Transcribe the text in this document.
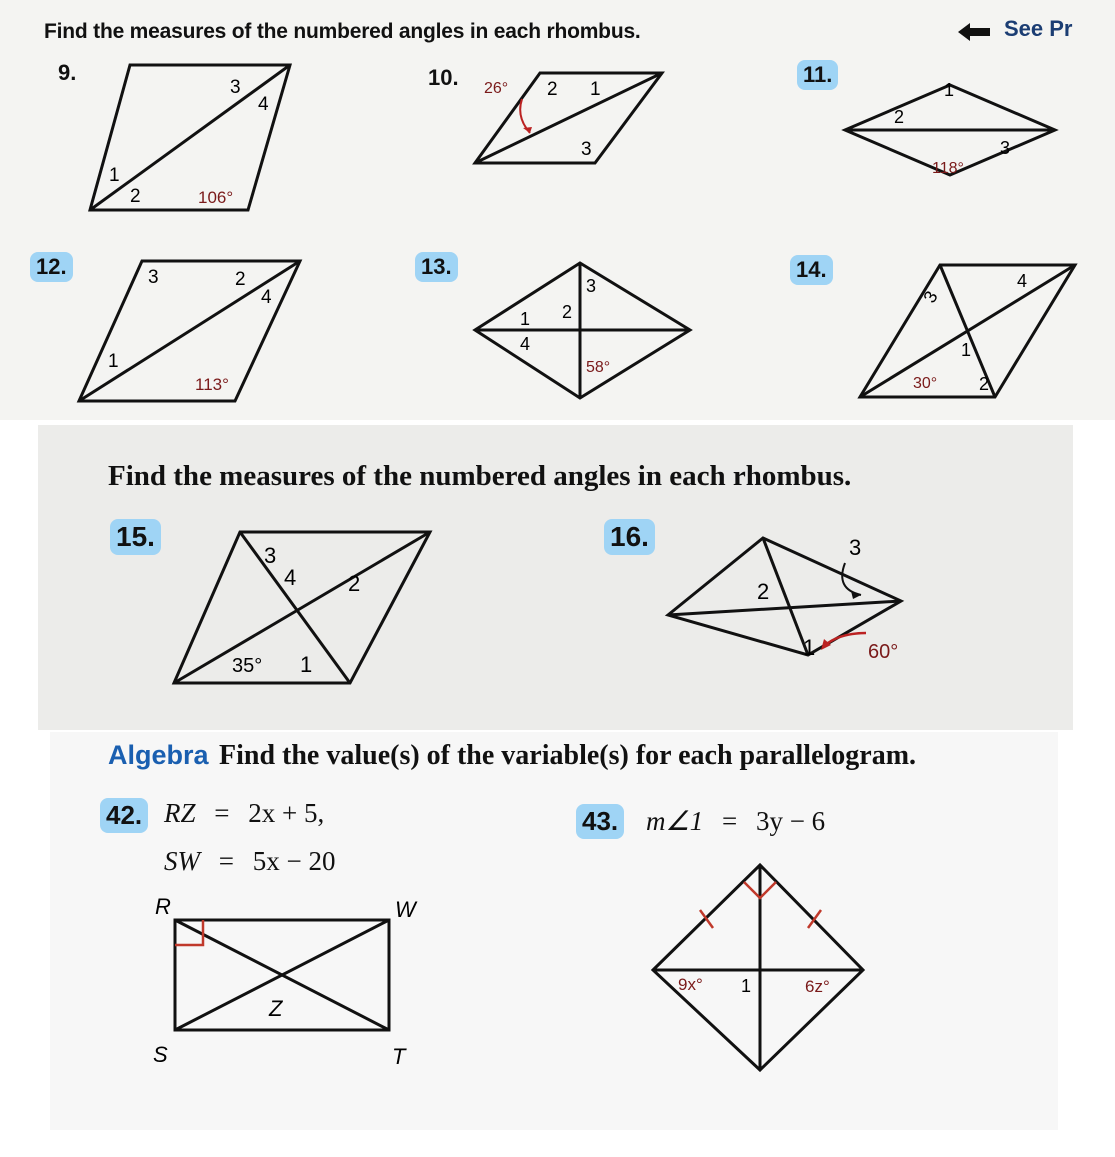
Find the measures of the numbered angles in each rhombus.	See Pr
9.
1
2
3
4
106°
10. 26° 2 1
3
11.
1
2
3
118°
12.	3	2
4
1
113°
13.
1 2
3
4
58°
14.	4
3
1
2
30°
Find the measures of the numbered angles in each rhombus.
15.
3
4 2
1
35°
16.	3
2
1	60°
Algebra Find the value(s) of the variable(s) for each parallelogram.
42. RZ = 2x + 5,
SW = 5x − 20
R	W
S	T
Z
43. m∠1 = 3y − 6
9x° 1	6z°
